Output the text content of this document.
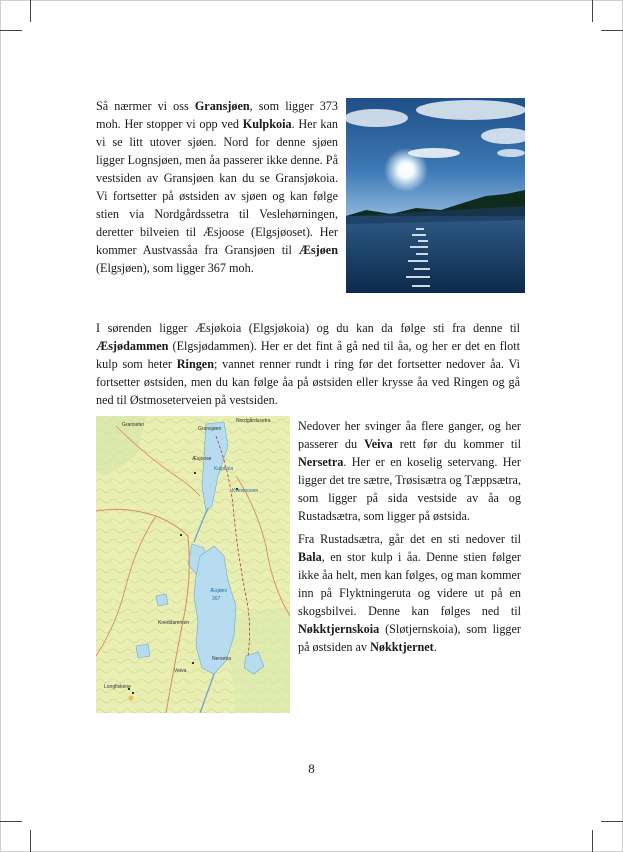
Så nærmer vi oss Gransjøen, som ligger 373 moh. Her stopper vi opp ved Kulpkoia. Her kan vi se litt utover sjøen. Nord for denne sjøen ligger Lognsjøen, men åa passerer ikke denne. På vestsiden av Gransjøen kan du se Gransjøkoia. Vi fortsetter på østsiden av sjøen og kan følge stien via Nordgårdssetra til Veslehørningen, deretter bilveien til Æsjoose (Elgsjøoset). Her kommer Austvassåa fra Gransjøen til Æsjøen (Elgsjøen), som ligger 367 moh.

I sørenden ligger Æsjøkoia (Elgsjøkoia) og du kan da følge sti fra denne til Æsjødammen (Elgsjødammen). Her er det fint å gå ned til åa, og her er det en flott kulp som heter Ringen; vannet renner rundt i ring før det fortsetter nedover åa. Vi fortsetter østsiden, men du kan følge åa på østsiden eller krysse åa ved Ringen og gå ned til Østmoseterveien på vestsiden.

Granseter
Gransjøen
Nordgårdssetra
Kulpkoia
Æsjoose
Kvestoosen
Æsjøen
367
Kneddammen
Veiva
Nersetra
Longfiskene

Nedover her svinger åa flere ganger, og her passerer du Veiva rett før du kommer til Nersetra. Her er en koselig setervang. Her ligger det tre sætre, Trøsisætra og Tæppsætra, som ligger på sida vestside av åa og Rustadsætra, som ligger på østsida.

Fra Rustadsætra, går det en sti nedover til Bala, en stor kulp i åa. Denne stien følger ikke åa helt, men kan følges, og man kommer inn på Flyktningeruta og videre ut på en skogsbilvei. Denne kan følges ned til Nøkktjernskoia (Sløtjernskoia), som ligger på østsiden av Nøkktjernet.

8
